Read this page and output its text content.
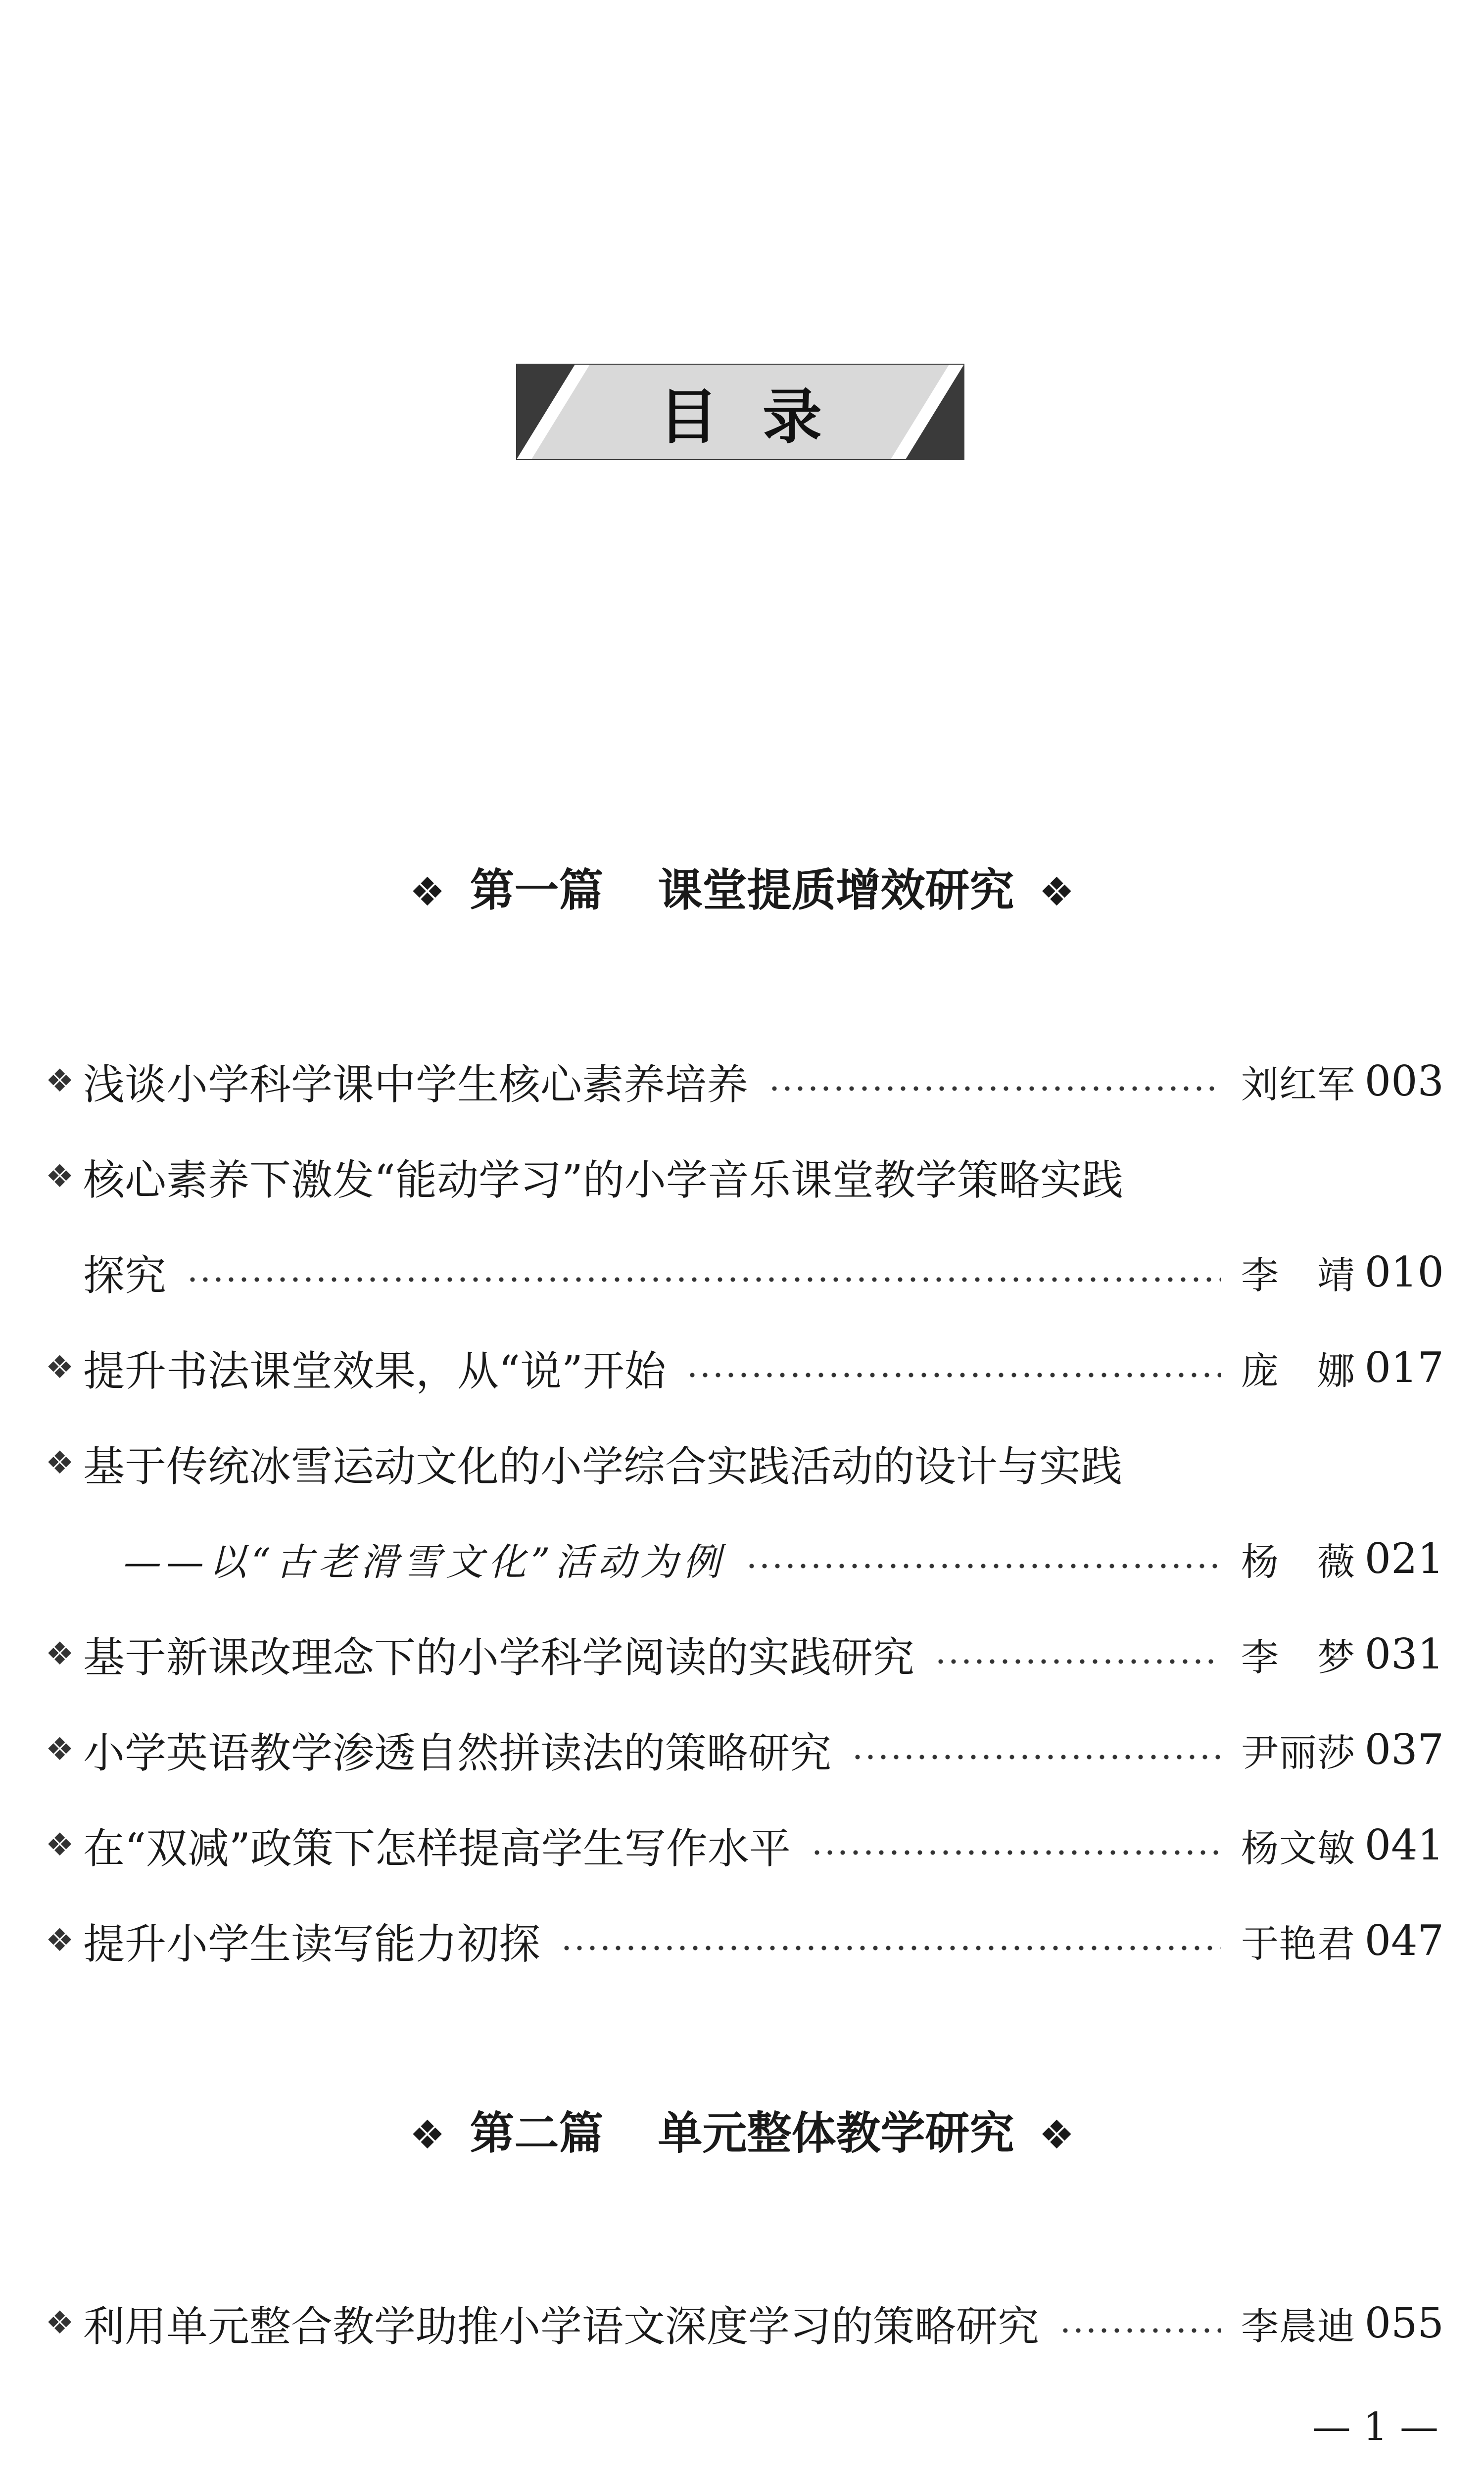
目录
❖ 第一篇 课堂提质增效研究 ❖
❖ 浅谈小学科学课中学生核心素养培养	刘红军 003
❖ 核心素养下激发“能动学习”的小学音乐课堂教学策略实践
探究	李 靖 010
❖ 提升书法课堂效果，从“说”开始	庞 娜 017
❖ 基于传统冰雪运动文化的小学综合实践活动的设计与实践
——以“古老滑雪文化”活动为例	杨 薇 021
❖ 基于新课改理念下的小学科学阅读的实践研究	李 梦 031
❖ 小学英语教学渗透自然拼读法的策略研究	尹丽莎 037
❖ 在“双减”政策下怎样提高学生写作水平	杨文敏 041
❖ 提升小学生读写能力初探	于艳君 047
❖ 第二篇 单元整体教学研究 ❖
❖ 利用单元整合教学助推小学语文深度学习的策略研究	李晨迪 055
— 1 —
